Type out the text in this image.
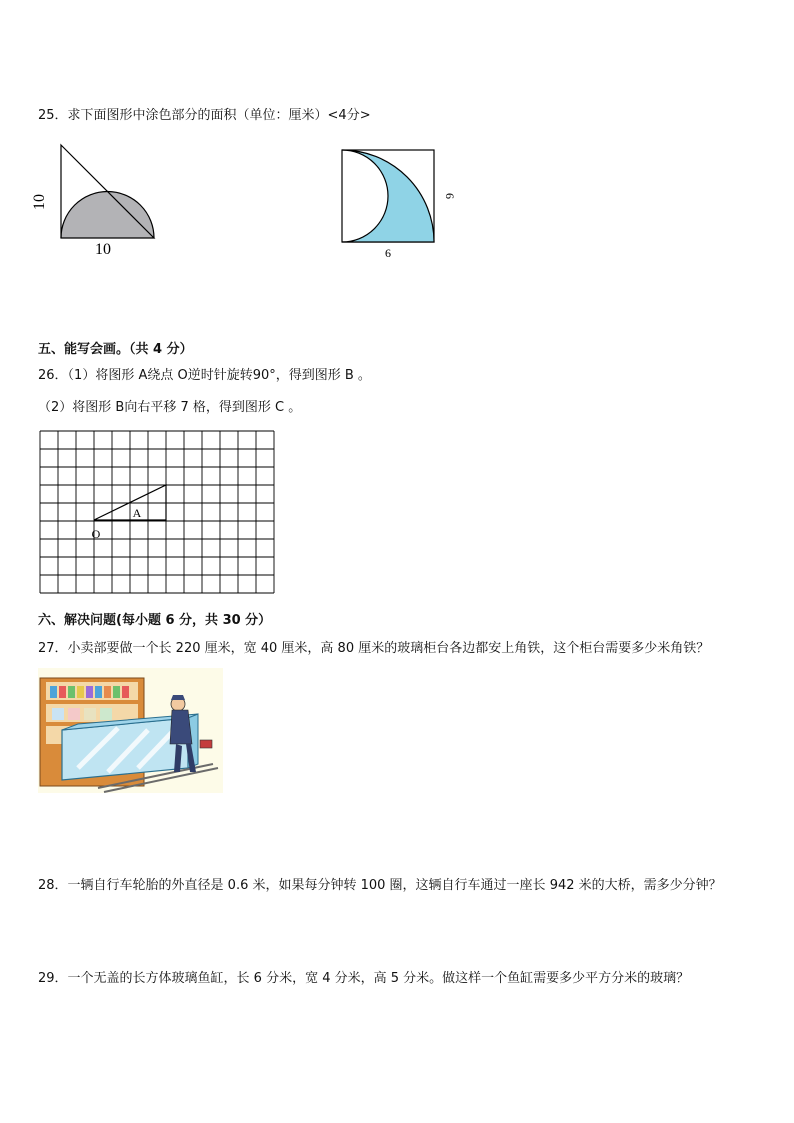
25．求下面图形中涂色部分的面积（单位：厘米）<4分>
10
10
6
6
五、能写会画。（共 4 分）
26．（1）将图形 A绕点 O逆时针旋转90°，得到图形 B 。
（2）将图形 B向右平移 7 格，得到图形 C 。
A
O
六、解决问题(每小题 6 分，共 30 分）
27．小卖部要做一个长 220 厘米，宽 40 厘米，高 80 厘米的玻璃柜台各边都安上角铁，这个柜台需要多少米角铁？
28．一辆自行车轮胎的外直径是 0.6 米，如果每分钟转 100 圈，这辆自行车通过一座长 942 米的大桥，需多少分钟？
29．一个无盖的长方体玻璃鱼缸，长 6 分米，宽 4 分米，高 5 分米。做这样一个鱼缸需要多少平方分米的玻璃？
